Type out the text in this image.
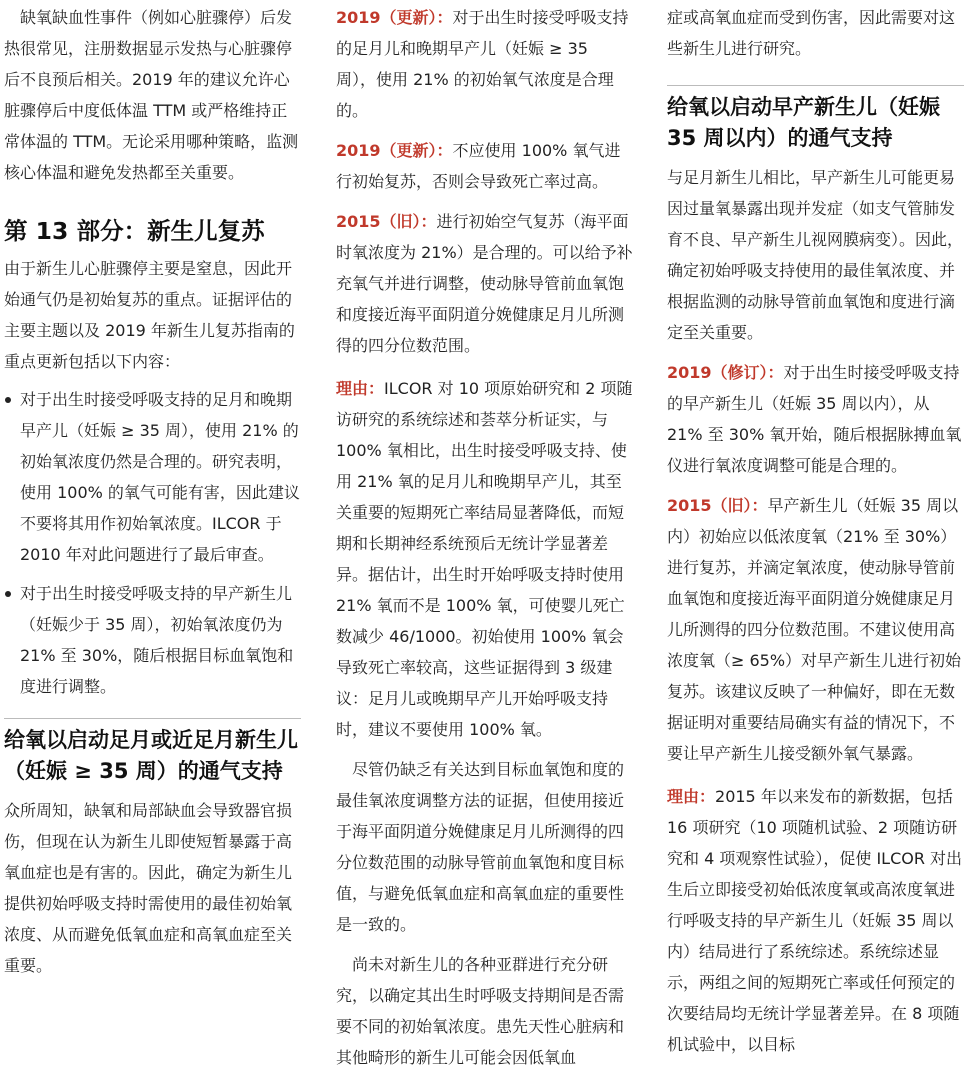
缺氧缺血性事件（例如心脏骤停）后发热很常见，注册数据显示发热与心脏骤停后不良预后相关。2019 年的建议允许心脏骤停后中度低体温 TTM 或严格维持正常体温的 TTM。无论采用哪种策略，监测核心体温和避免发热都至关重要。

第 13 部分：新生儿复苏

由于新生儿心脏骤停主要是窒息，因此开始通气仍是初始复苏的重点。证据评估的主要主题以及 2019 年新生儿复苏指南的重点更新包括以下内容：

对于出生时接受呼吸支持的足月和晚期早产儿（妊娠 ≥ 35 周），使用 21% 的初始氧浓度仍然是合理的。研究表明，使用 100% 的氧气可能有害，因此建议不要将其用作初始氧浓度。ILCOR 于 2010 年对此问题进行了最后审查。
对于出生时接受呼吸支持的早产新生儿（妊娠少于 35 周），初始氧浓度仍为 21% 至 30%，随后根据目标血氧饱和度进行调整。
给氧以启动足月或近足月新生儿（妊娠 ≥ 35 周）的通气支持

众所周知，缺氧和局部缺血会导致器官损伤，但现在认为新生儿即使短暂暴露于高氧血症也是有害的。因此，确定为新生儿提供初始呼吸支持时需使用的最佳初始氧浓度、从而避免低氧血症和高氧血症至关重要。

2019（更新）：对于出生时接受呼吸支持的足月儿和晚期早产儿（妊娠 ≥ 35 周），使用 21% 的初始氧气浓度是合理的。

2019（更新）：不应使用 100% 氧气进行初始复苏，否则会导致死亡率过高。

2015（旧）：进行初始空气复苏（海平面时氧浓度为 21%）是合理的。可以给予补充氧气并进行调整，使动脉导管前血氧饱和度接近海平面阴道分娩健康足月儿所测得的四分位数范围。

理由：ILCOR 对 10 项原始研究和 2 项随访研究的系统综述和荟萃分析证实，与 100% 氧相比，出生时接受呼吸支持、使用 21% 氧的足月儿和晚期早产儿，其至关重要的短期死亡率结局显著降低，而短期和长期神经系统预后无统计学显著差异。据估计，出生时开始呼吸支持时使用 21% 氧而不是 100% 氧，可使婴儿死亡数减少 46/1000。初始使用 100% 氧会导致死亡率较高，这些证据得到 3 级建议：足月儿或晚期早产儿开始呼吸支持时，建议不要使用 100% 氧。

尽管仍缺乏有关达到目标血氧饱和度的最佳氧浓度调整方法的证据，但使用接近于海平面阴道分娩健康足月儿所测得的四分位数范围的动脉导管前血氧饱和度目标值，与避免低氧血症和高氧血症的重要性是一致的。

尚未对新生儿的各种亚群进行充分研究，以确定其出生时呼吸支持期间是否需要不同的初始氧浓度。患先天性心脏病和其他畸形的新生儿可能会因低氧血

症或高氧血症而受到伤害，因此需要对这些新生儿进行研究。

给氧以启动早产新生儿（妊娠 35 周以内）的通气支持

与足月新生儿相比，早产新生儿可能更易因过量氧暴露出现并发症（如支气管肺发育不良、早产新生儿视网膜病变）。因此，确定初始呼吸支持使用的最佳氧浓度、并根据监测的动脉导管前血氧饱和度进行滴定至关重要。

2019（修订）：对于出生时接受呼吸支持的早产新生儿（妊娠 35 周以内），从 21% 至 30% 氧开始，随后根据脉搏血氧仪进行氧浓度调整可能是合理的。

2015（旧）：早产新生儿（妊娠 35 周以内）初始应以低浓度氧（21% 至 30%）进行复苏，并滴定氧浓度，使动脉导管前血氧饱和度接近海平面阴道分娩健康足月儿所测得的四分位数范围。不建议使用高浓度氧（≥ 65%）对早产新生儿进行初始复苏。该建议反映了一种偏好，即在无数据证明对重要结局确实有益的情况下，不要让早产新生儿接受额外氧气暴露。

理由：2015 年以来发布的新数据，包括 16 项研究（10 项随机试验、2 项随访研究和 4 项观察性试验），促使 ILCOR 对出生后立即接受初始低浓度氧或高浓度氧进行呼吸支持的早产新生儿（妊娠 35 周以内）结局进行了系统综述。系统综述显示，两组之间的短期死亡率或任何预定的次要结局均无统计学显著差异。在 8 项随机试验中，以目标
